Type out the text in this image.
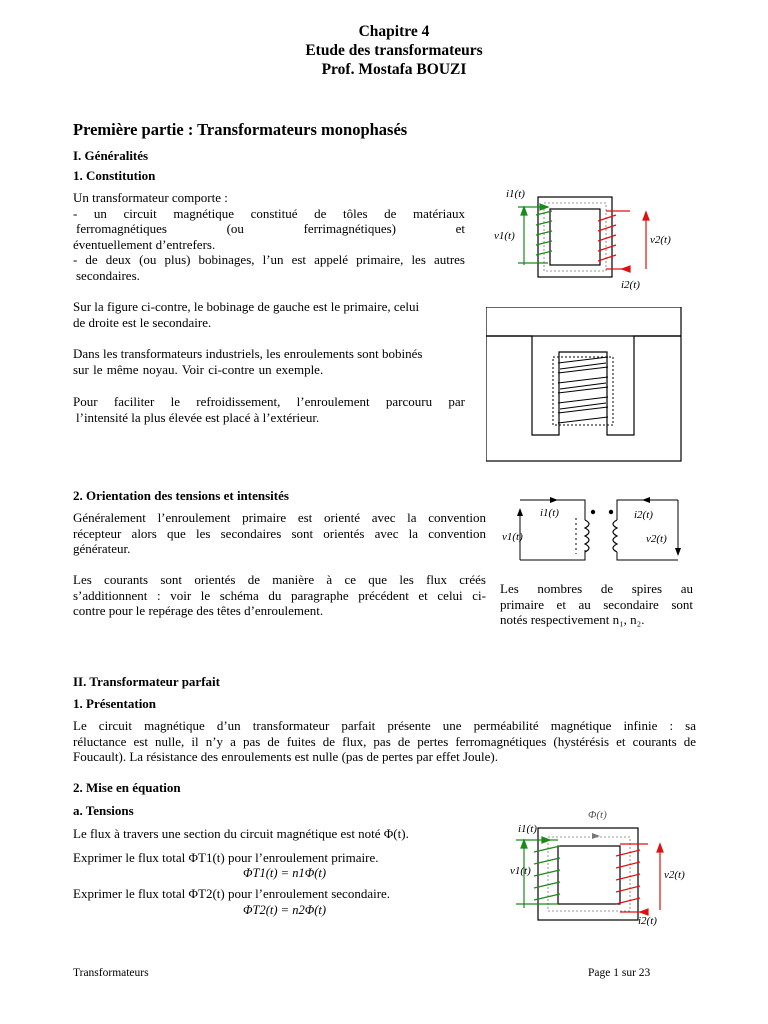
Chapitre 4
Etude des transformateurs
Prof. Mostafa BOUZI
Première partie : Transformateurs monophasés
I. Généralités
1. Constitution
Un transformateur comporte :
- un circuit magnétique constitué de tôles de matériaux
ferromagnétiques (ou ferrimagnétiques) et
éventuellement d’entrefers.
- de deux (ou plus) bobinages, l’un est appelé primaire, les autres
secondaires.
Sur la figure ci-contre, le bobinage de gauche est le primaire, celui
de droite est le secondaire.
Dans les transformateurs industriels, les enroulements sont bobinés
sur le même noyau. Voir ci-contre un exemple.
Pour faciliter le refroidissement, l’enroulement parcouru par
l’intensité la plus élevée est placé à l’extérieur.
2. Orientation des tensions et intensités
Généralement l’enroulement primaire est orienté avec la convention
récepteur alors que les secondaires sont orientés avec la convention
générateur.
Les courants sont orientés de manière à ce que les flux créés
s’additionnent : voir le schéma du paragraphe précédent et celui ci-
contre pour le repérage des têtes d’enroulement.
Les nombres de spires au
primaire et au secondaire sont
notés respectivement n₁, n₂.
II. Transformateur parfait
1. Présentation
Le circuit magnétique d’un transformateur parfait présente une perméabilité magnétique infinie : sa
réluctance est nulle, il n’y a pas de fuites de flux, pas de pertes ferromagnétiques (hystérésis et courants de
Foucault). La résistance des enroulements est nulle (pas de pertes par effet Joule).
2. Mise en équation
a. Tensions
Le flux à travers une section du circuit magnétique est noté Φ(t).
Exprimer le flux total ΦT1(t) pour l’enroulement primaire.
ΦT1(t) = n1Φ(t)
Exprimer le flux total ΦT2(t) pour l’enroulement secondaire.
ΦT2(t) = n2Φ(t)
Transformateurs	Page 1 sur 23
i1(t)
v1(t)	v2(t)
i2(t)
i1(t)
v1(t)
i2(t)
v2(t)
Φ(t)
i1(t)
v1(t)	v2(t)
i2(t)
